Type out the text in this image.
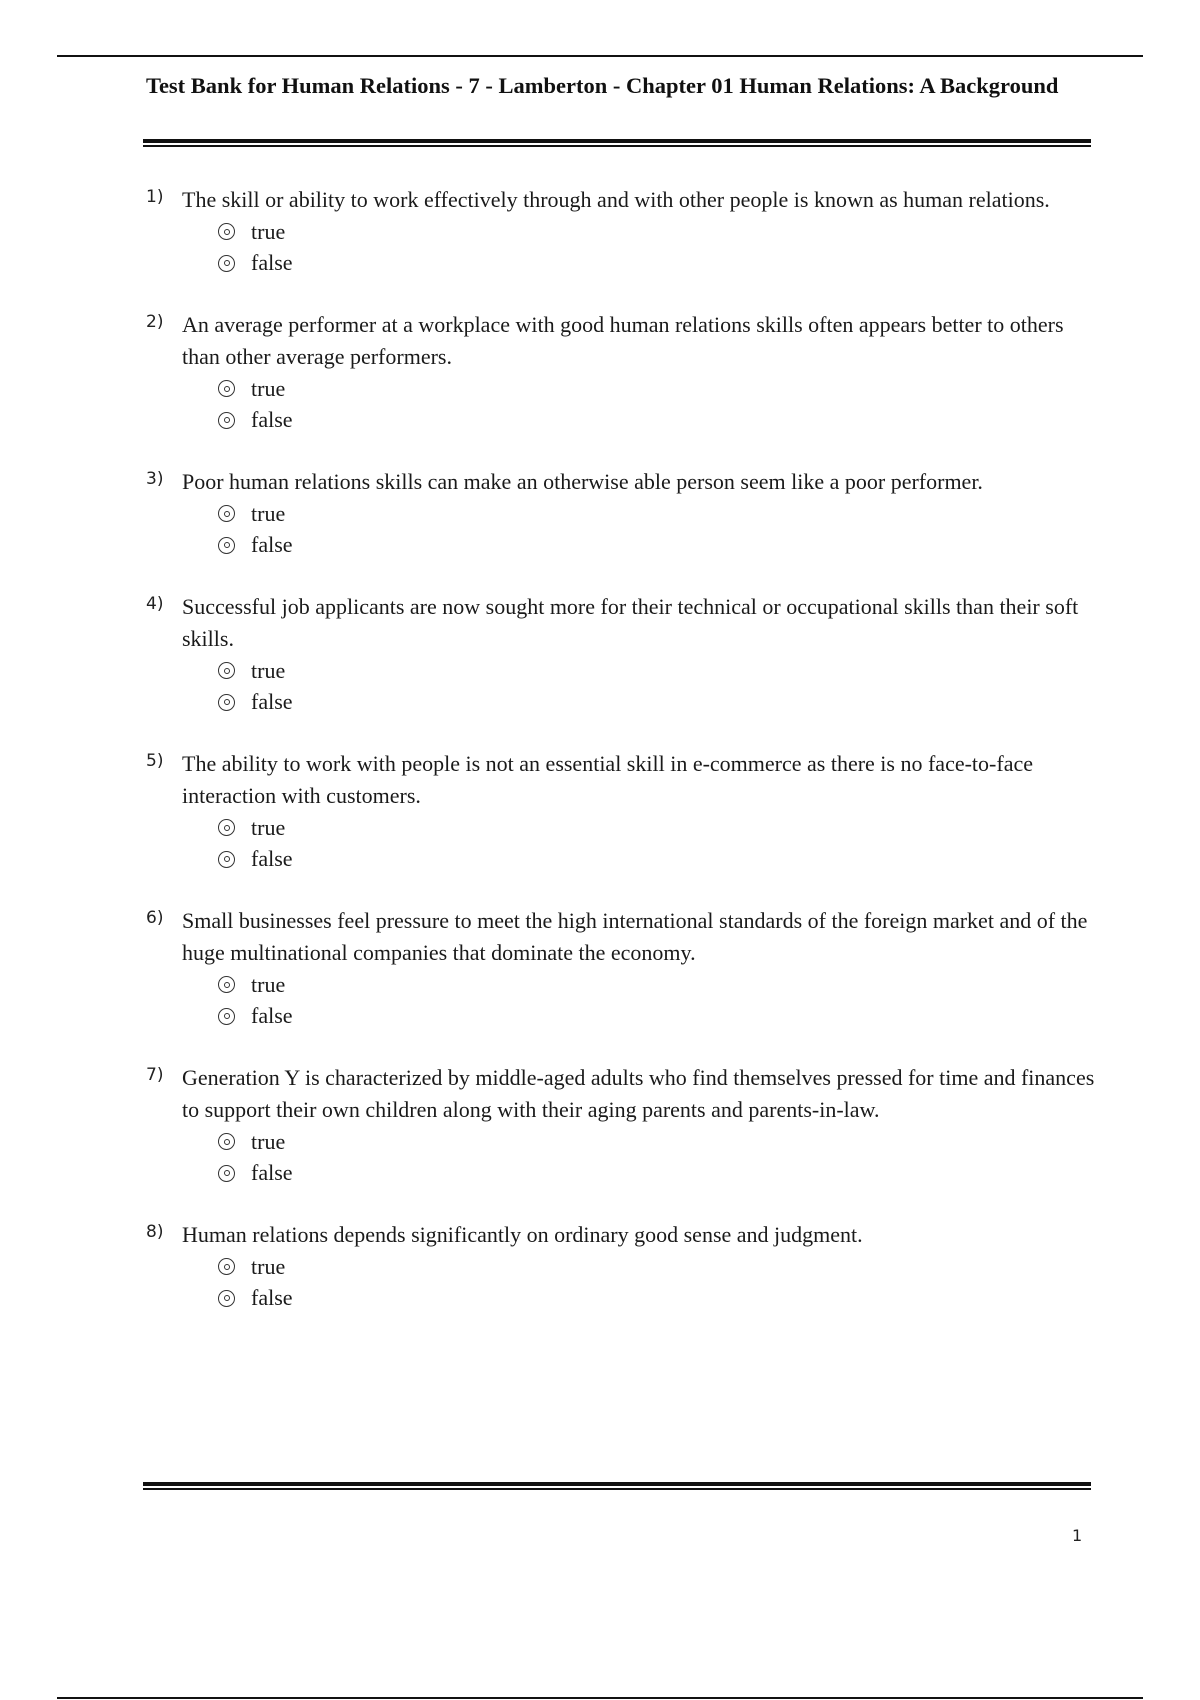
Test Bank for Human Relations - 7 - Lamberton - Chapter 01 Human Relations: A Background
1) The skill or ability to work effectively through and with other people is known as human relations.

true
false
2) An average performer at a workplace with good human relations skills often appears better to others than other average performers.

true
false
3) Poor human relations skills can make an otherwise able person seem like a poor performer.

true
false
4) Successful job applicants are now sought more for their technical or occupational skills than their soft skills.

true
false
5) The ability to work with people is not an essential skill in e-commerce as there is no face-to-face interaction with customers.

true
false
6) Small businesses feel pressure to meet the high international standards of the foreign market and of the huge multinational companies that dominate the economy.

true
false
7) Generation Y is characterized by middle-aged adults who find themselves pressed for time and finances to support their own children along with their aging parents and parents-in-law.

true
false
8) Human relations depends significantly on ordinary good sense and judgment.

true
false
1
